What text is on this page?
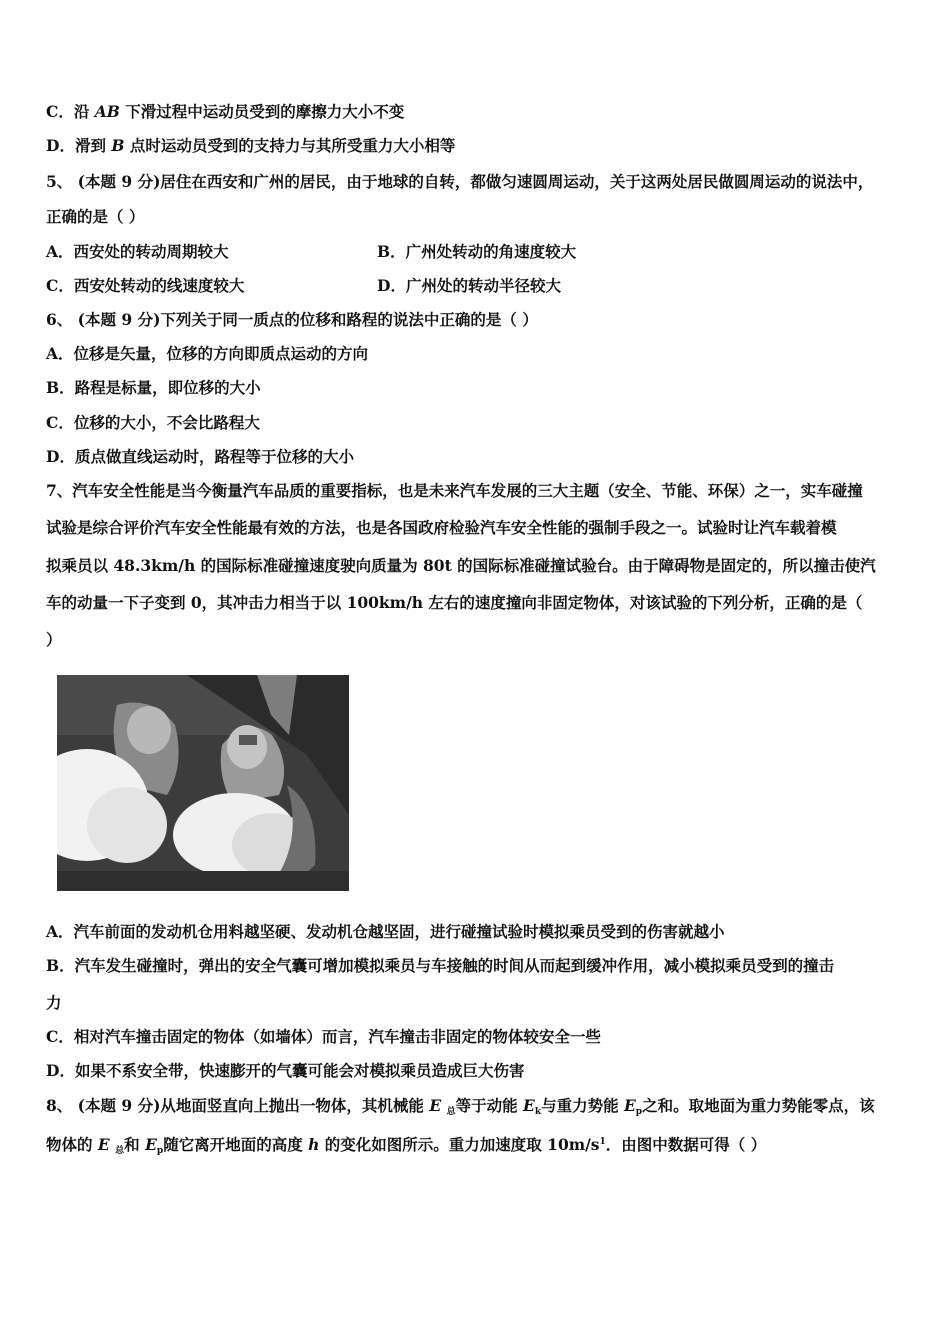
C．沿 AB 下滑过程中运动员受到的摩擦力大小不变
D．滑到 B 点时运动员受到的支持力与其所受重力大小相等
5、 (本题 9 分)居住在西安和广州的居民，由于地球的自转，都做匀速圆周运动，关于这两处居民做圆周运动的说法中，
正确的是（ ）
A．西安处的转动周期较大	B．广州处转动的角速度较大
C．西安处转动的线速度较大	D．广州处的转动半径较大
6、 (本题 9 分)下列关于同一质点的位移和路程的说法中正确的是（ ）
A．位移是矢量，位移的方向即质点运动的方向
B．路程是标量，即位移的大小
C．位移的大小，不会比路程大
D．质点做直线运动时，路程等于位移的大小
7、汽车安全性能是当今衡量汽车品质的重要指标，也是未来汽车发展的三大主题（安全、节能、环保）之一，实车碰撞
试验是综合评价汽车安全性能最有效的方法，也是各国政府检验汽车安全性能的强制手段之一。试验时让汽车载着模
拟乘员以 48.3km/h 的国际标准碰撞速度驶向质量为 80t 的国际标准碰撞试验台。由于障碍物是固定的，所以撞击使汽
车的动量一下子变到 0，其冲击力相当于以 100km/h 左右的速度撞向非固定物体，对该试验的下列分析，正确的是（
）
A．汽车前面的发动机仓用料越坚硬、发动机仓越坚固，进行碰撞试验时模拟乘员受到的伤害就越小
B．汽车发生碰撞时，弹出的安全气囊可增加模拟乘员与车接触的时间从而起到缓冲作用，减小模拟乘员受到的撞击
力
C．相对汽车撞击固定的物体（如墙体）而言，汽车撞击非固定的物体较安全一些
D．如果不系安全带，快速膨开的气囊可能会对模拟乘员造成巨大伤害
8、 (本题 9 分)从地面竖直向上抛出一物体，其机械能 E $_总$等于动能 $E_k$与重力势能 $E_p$之和。取地面为重力势能零点，该
物体的 E $_总$和 $E_p$随它离开地面的高度 h 的变化如图所示。重力加速度取 $10m/s^1$．由图中数据可得（ ）
